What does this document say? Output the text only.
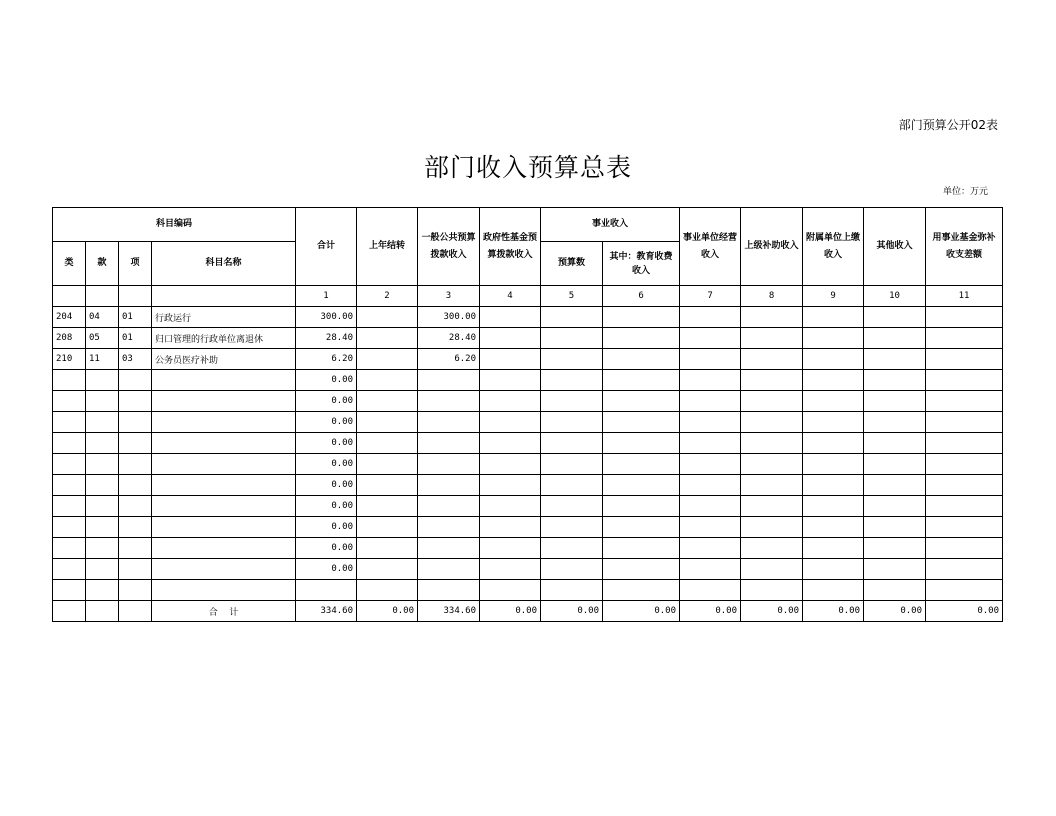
部门预算公开02表
部门收入预算总表
单位：万元
科目编码				合计	上年结转	一般公共预算拨款收入	政府性基金预算拨款收入	事业收入		事业单位经营收入	上级补助收入	附属单位上缴收入	其他收入	用事业基金弥补收支差额
类	款	项	科目名称					预算数	其中：教育收费收入					
				1	2	3	4	5	6	7	8	9	10	11
204	04	01	行政运行	300.00		300.00								
208	05	01	归口管理的行政单位离退休	28.40		28.40								
210	11	03	公务员医疗补助	6.20		6.20								
				0.00										
				0.00										
				0.00										
				0.00										
				0.00										
				0.00										
				0.00										
				0.00										
				0.00										
				0.00										

			合    计	334.60	0.00	334.60	0.00	0.00	0.00	0.00	0.00	0.00	0.00	0.00
